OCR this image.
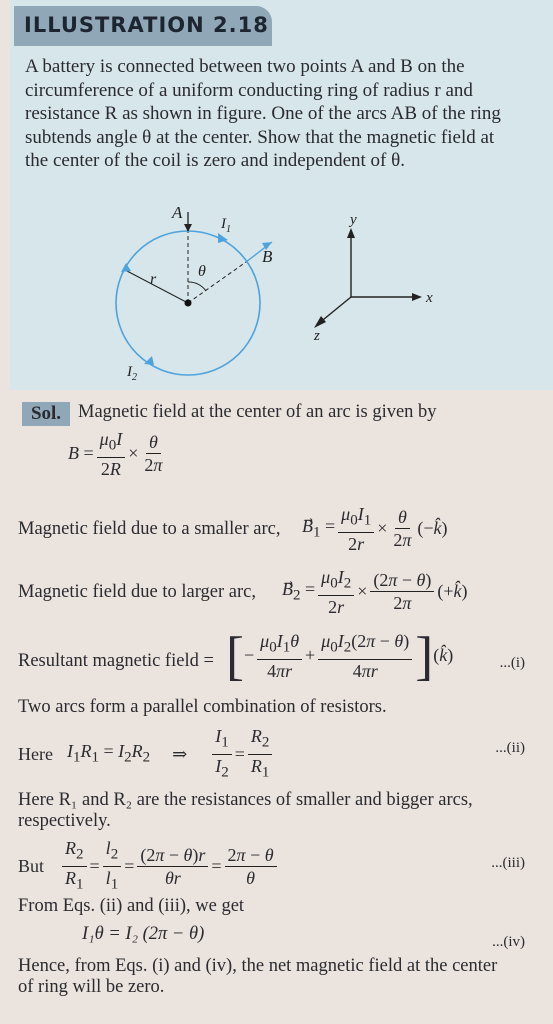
ILLUSTRATION 2.18
A battery is connected between two points A and B on the
circumference of a uniform conducting ring of radius r and
resistance R as shown in figure. One of the arcs AB of the ring
subtends angle θ at the center. Show that the magnetic field at
the center of the coil is zero and independent of θ.
A
B
$I_1$
$I_2$
r	θ
y
x
z
Sol. Magnetic field at the center of an arc is given by
$B = \frac{\mu_0I}{2R} \times \frac{\theta}{2\pi}$
Magnetic field due to a smaller arc, $B_1 = \frac{\mu_0I_1}{2r} \times \frac{\theta}{2\pi}$ (−k̂)
Magnetic field due to larger arc, $B_2 = \frac{\mu_0I_2}{2r} \times \frac{(2\pi - \theta)}{2\pi}$ (+k̂)
Resultant magnetic field = [ − $\frac{\mu_0I_1\theta}{4\pi r} + \frac{\mu_0I_2(2\pi - \theta)}{4\pi r}$ ] (k̂)	...(i)
Two arcs form a parallel combination of resistors.
Here $I_1R_1 = I_2R_2$ ⇒ $\frac{I_1}{I_2} = \frac{R_2}{R_1}$	...(ii)
Here R₁ and R₂ are the resistances of smaller and bigger arcs,
respectively.
But $\frac{R_2}{R_1} = \frac{l_2}{l_1} = \frac{(2\pi - \theta)r}{\theta r} = \frac{2\pi - \theta}{\theta}$	...(iii)
From Eqs. (ii) and (iii), we get
I₁θ = I₂ (2π − θ)	...(iv)
Hence, from Eqs. (i) and (iv), the net magnetic field at the center
of ring will be zero.
